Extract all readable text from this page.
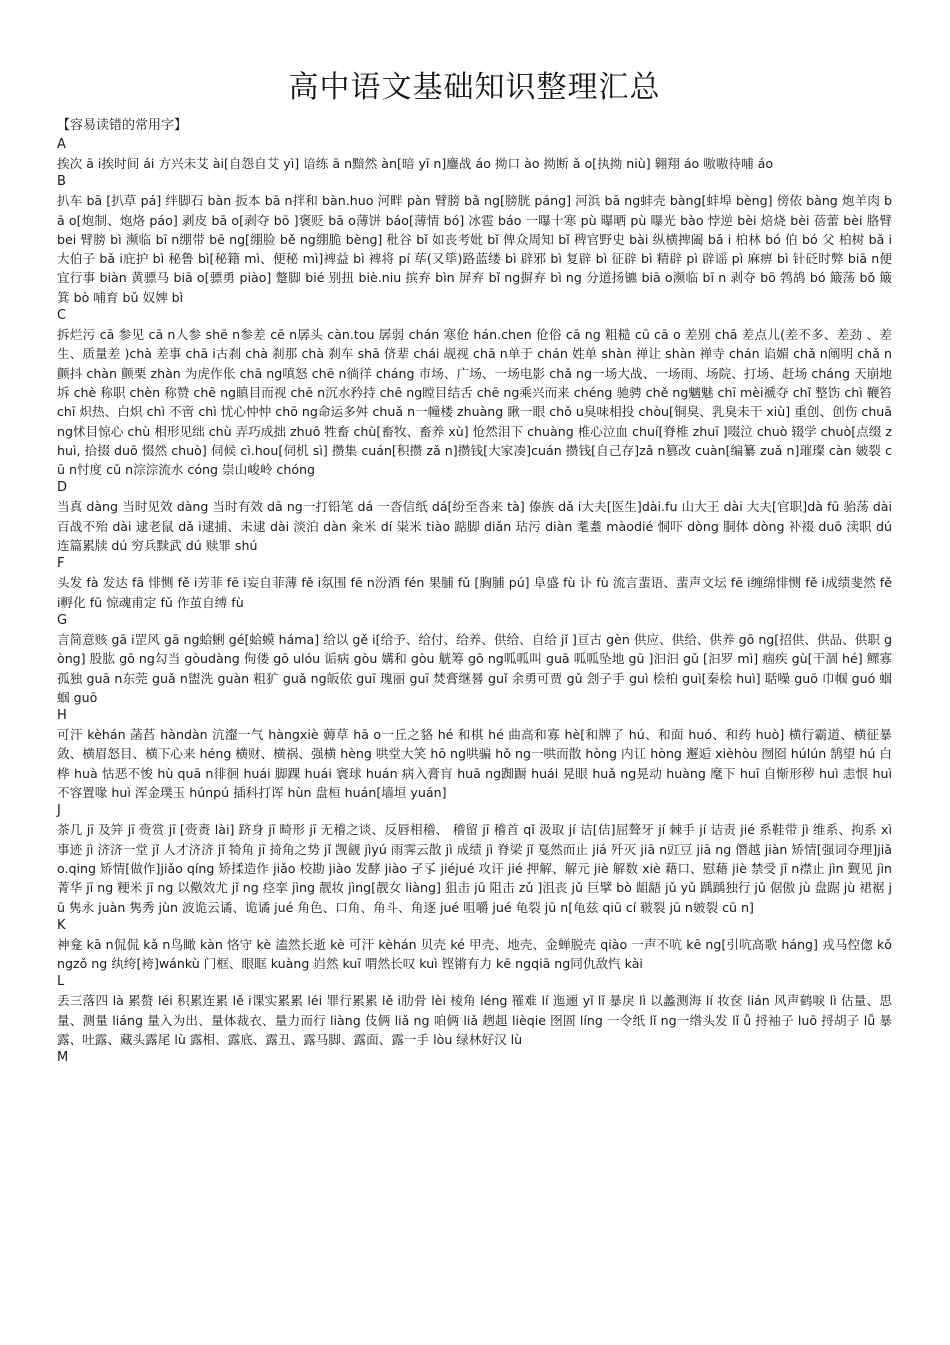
高中语文基础知识整理汇总

【容易读错的常用字】

A

挨次 ā i挨时间 ái 方兴未艾 ài[自怨自艾 yì] 谙练 ā n黯然 àn[暗 yī n]鏖战 áo 拗口 ào 拗断 ǎ o[执拗 niù] 翱翔 áo 嗷嗷待哺 áo

B

扒车 bā [扒草 pá] 绊脚石 bàn 扳本 bā n拌和 bàn.huo 河畔 pàn 臂膀 bǎ ng[膀胱 páng] 河浜 bā ng蚌壳 bàng[蚌埠 bèng] 傍依 bàng 炮羊肉 bā o[炮制、炮烙 páo] 剥皮 bā o[剥夺 bō ]褒贬 bā o薄饼 báo[薄情 bó] 冰雹 báo 一曝十寒 pù 曝晒 pù 曝光 bào 悖逆 bèi 焙烧 bèi 蓓蕾 bèi 胳臂 bei 臂膀 bì 濒临 bī n绷带 bē ng[绷脸 bě ng绷脆 bèng] 秕谷 bǐ 如丧考妣 bǐ 俾众周知 bǐ 稗官野史 bài 纵横捭阖 bǎ i 柏林 bó 伯 bó 父 柏树 bǎ i大伯子 bǎ i庇护 bì 秘鲁 bì[秘籍 mì、便秘 mì]裨益 bì 裨将 pí 荜(又筚)路蓝缕 bì 辟邪 bì 复辟 bì 征辟 bì 精辟 pì 辟谣 pì 麻痹 bì 针砭时弊 biā n便宜行事 biàn 黄骠马 biā o[骠勇 piào] 蹩脚 bié 别扭 biè.niu 摈弃 bìn 屏弃 bǐ ng摒弃 bì ng 分道扬镳 biā o濒临 bī n 剥夺 bō 鹁鸪 bó 簸荡 bǒ 簸箕 bò 哺育 bǔ 奴婢 bì

C

拆烂污 cā 参见 cā n人参 shē n参差 cē n孱头 càn.tou 孱弱 chán 寒伧 hán.chen 伧俗 cā ng 粗糙 cū cā o 差别 chā 差点儿(差不多、差劲 、差生、质量差 )chà 差事 chā i古刹 chà 刹那 chà 刹车 shā 侪辈 chái 觇视 chā n单于 chán 姓单 shàn 禅让 shàn 禅寺 chán 谄媚 chǎ n阐明 chǎ n颤抖 chàn 颤栗 zhàn 为虎作伥 chā ng嗔怒 chē n徜徉 cháng 市场、广场、一场电影 chǎ ng一场大战、一场雨、场院、打场、赶场 cháng 天崩地坼 chè 称职 chèn 称赞 chē ng瞋目而视 chē n沉水矜持 chē ng瞠目结舌 chē ng乘兴而来 chéng 驰骋 chě ng魑魅 chī mèi褫夺 chǐ 整饬 chì 鞭笞 chī 炽热、白炽 chì 不啻 chì 忧心忡忡 chō ng命运多舛 chuǎ n一幢楼 zhuàng 瞅一眼 chǒ u臭味相投 chòu[铜臭、乳臭未干 xiù] 重创、创伤 chuā ng怵目惊心 chù 相形见绌 chù 弄巧成拙 zhuō 牲畜 chù[畜牧、畜养 xù] 怆然泪下 chuàng 椎心泣血 chuí[脊椎 zhuī ]啜泣 chuò 辍学 chuò[点缀 zhuì, 拾掇 duō 惙然 chuò] 伺候 cì.hou[伺机 sì] 攒集 cuán[积攒 zǎ n]攒钱[大家凑]cuán 攒钱[自己存]zǎ n篡改 cuàn[编纂 zuǎ n]璀璨 càn 皴裂 cū n忖度 cǔ n淙淙流水 cóng 崇山峻岭 chóng

D

当真 dàng 当时见效 dàng 当时有效 dā ng一打铅笔 dá 一沓信纸 dá[纷至沓来 tà] 傣族 dǎ i大夫[医生]dài.fu 山大王 dài 大夫[官职]dà fū 骀荡 dài 百战不殆 dài 逮老鼠 dǎ i逮捕、未逮 dài 淡泊 dàn 籴米 dí 粜米 tiào 踮脚 diǎn 玷污 diàn 耄耋 màodié 恫吓 dòng 胴体 dòng 补裰 duō 渎职 dú 连篇累牍 dú 穷兵黩武 dú 赎罪 shú

F

头发 fà 发达 fā 悱恻 fě i芳菲 fē i妄自菲薄 fě i氛围 fē n汾酒 fén 果脯 fǔ [胸脯 pú] 阜盛 fù 讣 fù 流言蜚语、蜚声文坛 fē i缠绵悱恻 fě i成绩斐然 fě i孵化 fū 惊魂甫定 fǔ 作茧自缚 fù

G

言简意赅 gā i罡风 gā ng蛤蜊 gé[蛤蟆 háma] 给以 gě i[给予、给付、给养、供给、自给 jǐ ]亘古 gèn 供应、供给、供养 gō ng[招供、供品、供职 gòng] 股肱 gō ng勾当 gòudàng 佝偻 gō ulóu 诟病 gòu 媾和 gòu 觥筹 gō ng呱呱叫 guā 呱呱坠地 gū ]汩汩 gǔ [汩罗 mì] 痼疾 gù[干涸 hé] 鳏寡孤独 guā n东莞 guǎ n盥洗 guàn 粗犷 guǎ ng皈依 guī 瑰丽 guī 焚膏继晷 guǐ 余勇可贾 gǔ 刽子手 guì 桧柏 guì[秦桧 huì] 聒噪 guō 巾帼 guó 蝈蝈 guō

H

可汗 kèhán 菡萏 hàndàn 沆瀣一气 hàngxiè 薅草 hā o一丘之貉 hé 和棋 hé 曲高和寡 hè[和牌了 hú、和面 huó、和药 huò] 横行霸道、横征暴敛、横眉怒目、横下心来 héng 横财、横祸、强横 hèng 哄堂大笑 hō ng哄骗 hǒ ng一哄而散 hòng 内讧 hòng 邂逅 xièhòu 囫囵 húlún 鹄望 hú 白桦 huà 怙恶不悛 hù quā n徘徊 huái 脚踝 huái 寰球 huán 病入膏肓 huā ng踟蹰 huái 晃眼 huǎ ng晃动 huàng 麾下 huī 自惭形秽 huì 恚恨 huì 不容置喙 huì 浑金璞玉 húnpú 插科打诨 hùn 盘桓 huán[墙垣 yuán]

J

茶几 jī 及笄 jī 赍赏 jī [赍赉 lài] 跻身 jī 畸形 jī 无稽之谈、反唇相稽、 稽留 jī 稽首 qǐ 汲取 jí 诘[佶]屈聱牙 jí 棘手 jí 诘责 jié 系鞋带 jì 维系、拘系 xì 事迹 jì 济济一堂 jǐ 人才济济 jǐ 犄角 jī 掎角之势 jǐ 觊觎 jìyú 雨霁云散 jì 成绩 jì 脊梁 jǐ 戛然而止 jiá 歼灭 jiā n豇豆 jiā ng 僭越 jiàn 矫情[强词夺理]jiǎo.qing 矫情[做作]jiǎo qíng 矫揉造作 jiǎo 校勘 jiào 发酵 jiào 孑孓 jiéjué 攻讦 jié 押解、解元 jiè 解数 xiè 藉口、慰藉 jiè 禁受 jī n襟止 jìn 觐见 jìn 菁华 jī ng 粳米 jī ng 以儆效尤 jǐ ng 痉挛 jìng 靓妆 jìng[靓女 liàng] 狙击 jū 阻击 zǔ ]沮丧 jǔ 巨擘 bò 龃龉 jǔ yǔ 踽踽独行 jǔ 倨傲 jù 盘踞 jù 裙裾 jū 隽永 juàn 隽秀 jùn 波诡云谲、诡谲 jué 角色、口角、角斗、角逐 jué 咀嚼 jué 龟裂 jū n[龟兹 qiū cí 皲裂 jū n皴裂 cū n]

K

神龛 kā n侃侃 kǎ n鸟瞰 kàn 恪守 kè 溘然长逝 kè 可汗 kèhán 贝壳 ké 甲壳、地壳、金蝉脱壳 qiào 一声不吭 kē ng[引吭高歌 háng] 戎马倥偬 kǒ ngzǒ ng 纨绔[袴]wánkù 门框、眼眶 kuàng 岿然 kuī 喟然长叹 kuì 铿锵有力 kē ngqiā ng同仇敌忾 kài

L

丢三落四 là 累赘 léi 积累连累 lě i课实累累 léi 罪行累累 lě i肋骨 lèi 棱角 léng 罹难 lí 迤逦 yǐ lǐ 暴戾 lì 以蠡测海 lí 妆奁 lián 风声鹤唳 lì 估量、思量、测量 liáng 量入为出、量体裁衣、量力而行 liàng 伎俩 liǎ ng 咱俩 liǎ 趔趄 lièqie 囹圄 líng 一令纸 lǐ ng一绺头发 lǐ ǚ 捋袖子 luō 捋胡子 lǚ 暴露、吐露、藏头露尾 lù 露相、露底、露丑、露马脚、露面、露一手 lòu 绿林好汉 lù

M
